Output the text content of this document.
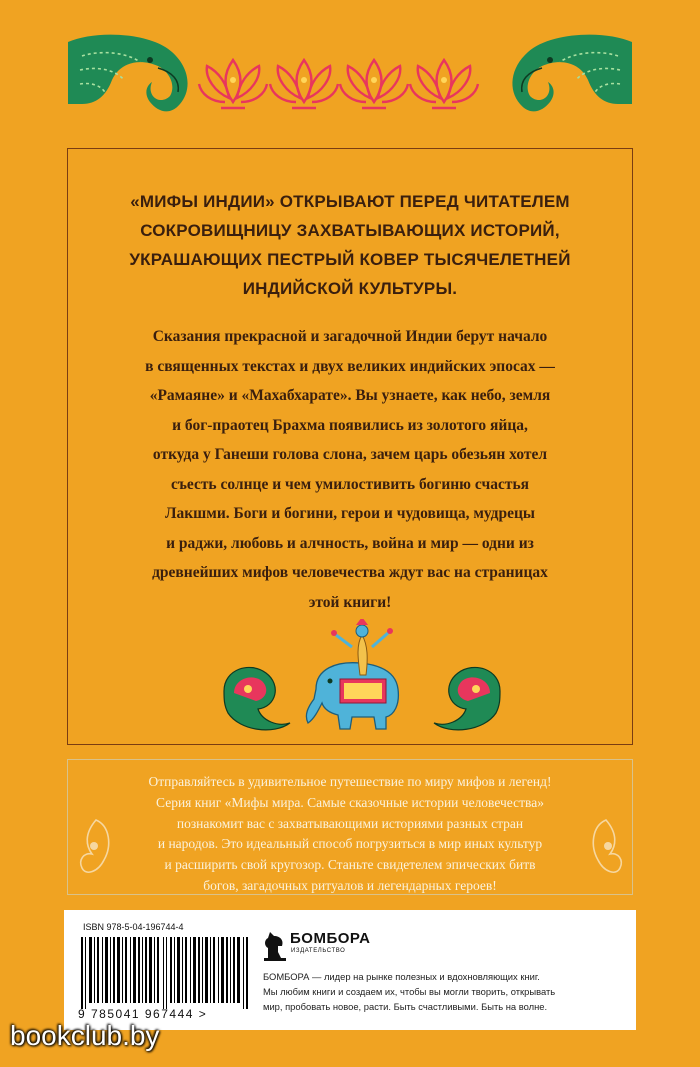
«МИФЫ ИНДИИ» ОТКРЫВАЮТ ПЕРЕД ЧИТАТЕЛЕМ
СОКРОВИЩНИЦУ ЗАХВАТЫВАЮЩИХ ИСТОРИЙ,
УКРАШАЮЩИХ ПЕСТРЫЙ КОВЕР ТЫСЯЧЕЛЕТНЕЙ
ИНДИЙСКОЙ КУЛЬТУРЫ.
Сказания прекрасной и загадочной Индии берут начало
в священных текстах и двух великих индийских эпосах —
«Рамаяне» и «Махабхарате». Вы узнаете, как небо, земля
и бог-праотец Брахма появились из золотого яйца,
откуда у Ганеши голова слона, зачем царь обезьян хотел
съесть солнце и чем умилостивить богиню счастья
Лакшми. Боги и богини, герои и чудовища, мудрецы
и раджи, любовь и алчность, война и мир — одни из
древнейших мифов человечества ждут вас на страницах
этой книги!
Отправляйтесь в удивительное путешествие по миру мифов и легенд!
Серия книг «Мифы мира. Самые сказочные истории человечества»
познакомит вас с захватывающими историями разных стран
и народов. Это идеальный способ погрузиться в мир иных культур
и расширить свой кругозор. Станьте свидетелем эпических битв
богов, загадочных ритуалов и легендарных героев!
ISBN 978-5-04-196744-4
9 785041 967444 >
БОМБОРА
ИЗДАТЕЛЬСТВО
БОМБОРА — лидер на рынке полезных и вдохновляющих книг.
Мы любим книги и создаем их, чтобы вы могли творить, открывать
мир, пробовать новое, расти. Быть счастливыми. Быть на волне.
bookclub.by
